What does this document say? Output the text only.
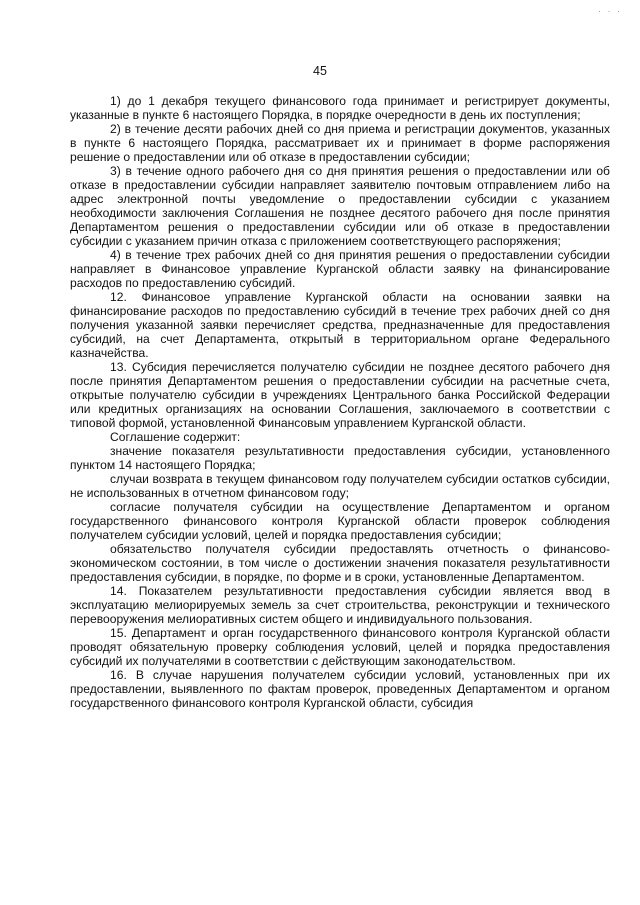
· · ·
45

1) до 1 декабря текущего финансового года принимает и регистрирует документы, указанные в пункте 6 настоящего Порядка, в порядке очередности в день их поступления;

2) в течение десяти рабочих дней со дня приема и регистрации документов, указанных в пункте 6 настоящего Порядка, рассматривает их и принимает в форме распоряжения решение о предоставлении или об отказе в предоставлении субсидии;

3) в течение одного рабочего дня со дня принятия решения о предоставлении или об отказе в предоставлении субсидии направляет заявителю почтовым отправлением либо на адрес электронной почты уведомление о предоставлении субсидии с указанием необходимости заключения Соглашения не позднее десятого рабочего дня после принятия Департаментом решения о предоставлении субсидии или об отказе в предоставлении субсидии с указанием причин отказа с приложением соответствующего распоряжения;

4) в течение трех рабочих дней со дня принятия решения о предоставлении субсидии направляет в Финансовое управление Курганской области заявку на финансирование расходов по предоставлению субсидий.

12. Финансовое управление Курганской области на основании заявки на финансирование расходов по предоставлению субсидий в течение трех рабочих дней со дня получения указанной заявки перечисляет средства, предназначенные для предоставления субсидий, на счет Департамента, открытый в территориальном органе Федерального казначейства.

13. Субсидия перечисляется получателю субсидии не позднее десятого рабочего дня после принятия Департаментом решения о предоставлении субсидии на расчетные счета, открытые получателю субсидии в учреждениях Центрального банка Российской Федерации или кредитных организациях на основании Соглашения, заключаемого в соответствии с типовой формой, установленной Финансовым управлением Курганской области.

Соглашение содержит:

значение показателя результативности предоставления субсидии, установленного пунктом 14 настоящего Порядка;

случаи возврата в текущем финансовом году получателем субсидии остатков субсидии, не использованных в отчетном финансовом году;

согласие получателя субсидии на осуществление Департаментом и органом государственного финансового контроля Курганской области проверок соблюдения получателем субсидии условий, целей и порядка предоставления субсидии;

обязательство получателя субсидии предоставлять отчетность о финансово-экономическом состоянии, в том числе о достижении значения показателя результативности предоставления субсидии, в порядке, по форме и в сроки, установленные Департаментом.

14. Показателем результативности предоставления субсидии является ввод в эксплуатацию мелиорируемых земель за счет строительства, реконструкции и технического перевооружения мелиоративных систем общего и индивидуального пользования.

15. Департамент и орган государственного финансового контроля Курганской области проводят обязательную проверку соблюдения условий, целей и порядка предоставления субсидий их получателями в соответствии с действующим законодательством.

16. В случае нарушения получателем субсидии условий, установленных при их предоставлении, выявленного по фактам проверок, проведенных Департаментом и органом государственного финансового контроля Курганской области, субсидия
